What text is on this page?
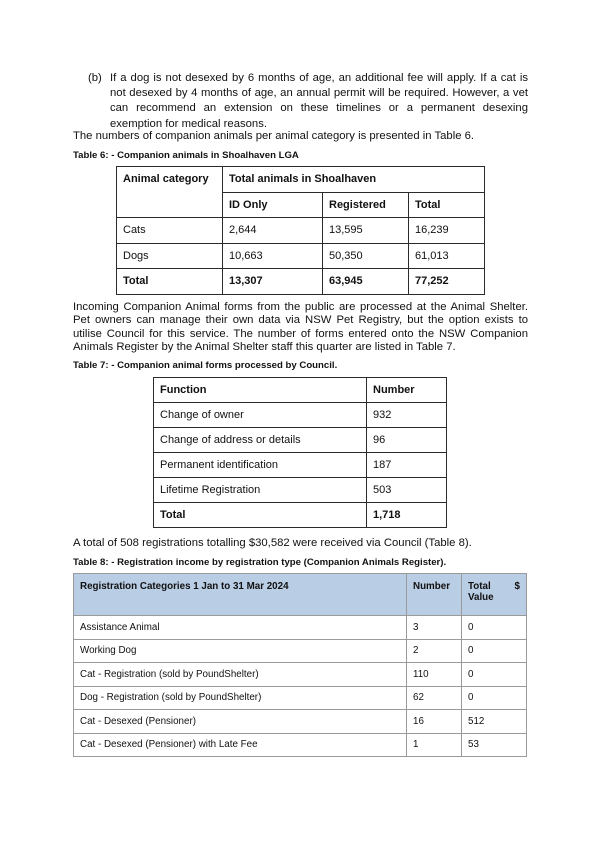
(b) If a dog is not desexed by 6 months of age, an additional fee will apply. If a cat is not desexed by 4 months of age, an annual permit will be required. However, a vet can recommend an extension on these timelines or a permanent desexing exemption for medical reasons.
The numbers of companion animals per animal category is presented in Table 6.
Table 6: - Companion animals in Shoalhaven LGA
Animal category	Total animals in Shoalhaven		
	ID Only	Registered	Total
Cats	2,644	13,595	16,239
Dogs	10,663	50,350	61,013
Total	13,307	63,945	77,252
Incoming Companion Animal forms from the public are processed at the Animal Shelter. Pet owners can manage their own data via NSW Pet Registry, but the option exists to utilise Council for this service. The number of forms entered onto the NSW Companion Animals Register by the Animal Shelter staff this quarter are listed in Table 7.
Table 7: - Companion animal forms processed by Council.
Function	Number
Change of owner	932
Change of address or details	96
Permanent identification	187
Lifetime Registration	503
Total	1,718
A total of 508 registrations totalling $30,582 were received via Council (Table 8).
Table 8: - Registration income by registration type (Companion Animals Register).
Registration Categories 1 Jan to 31 Mar 2024	Number	$
Total Value
Assistance Animal	3	0
Working Dog	2	0
Cat - Registration (sold by PoundShelter)	110	0
Dog - Registration (sold by PoundShelter)	62	0
Cat - Desexed (Pensioner)	16	512
Cat - Desexed (Pensioner) with Late Fee	1	53
